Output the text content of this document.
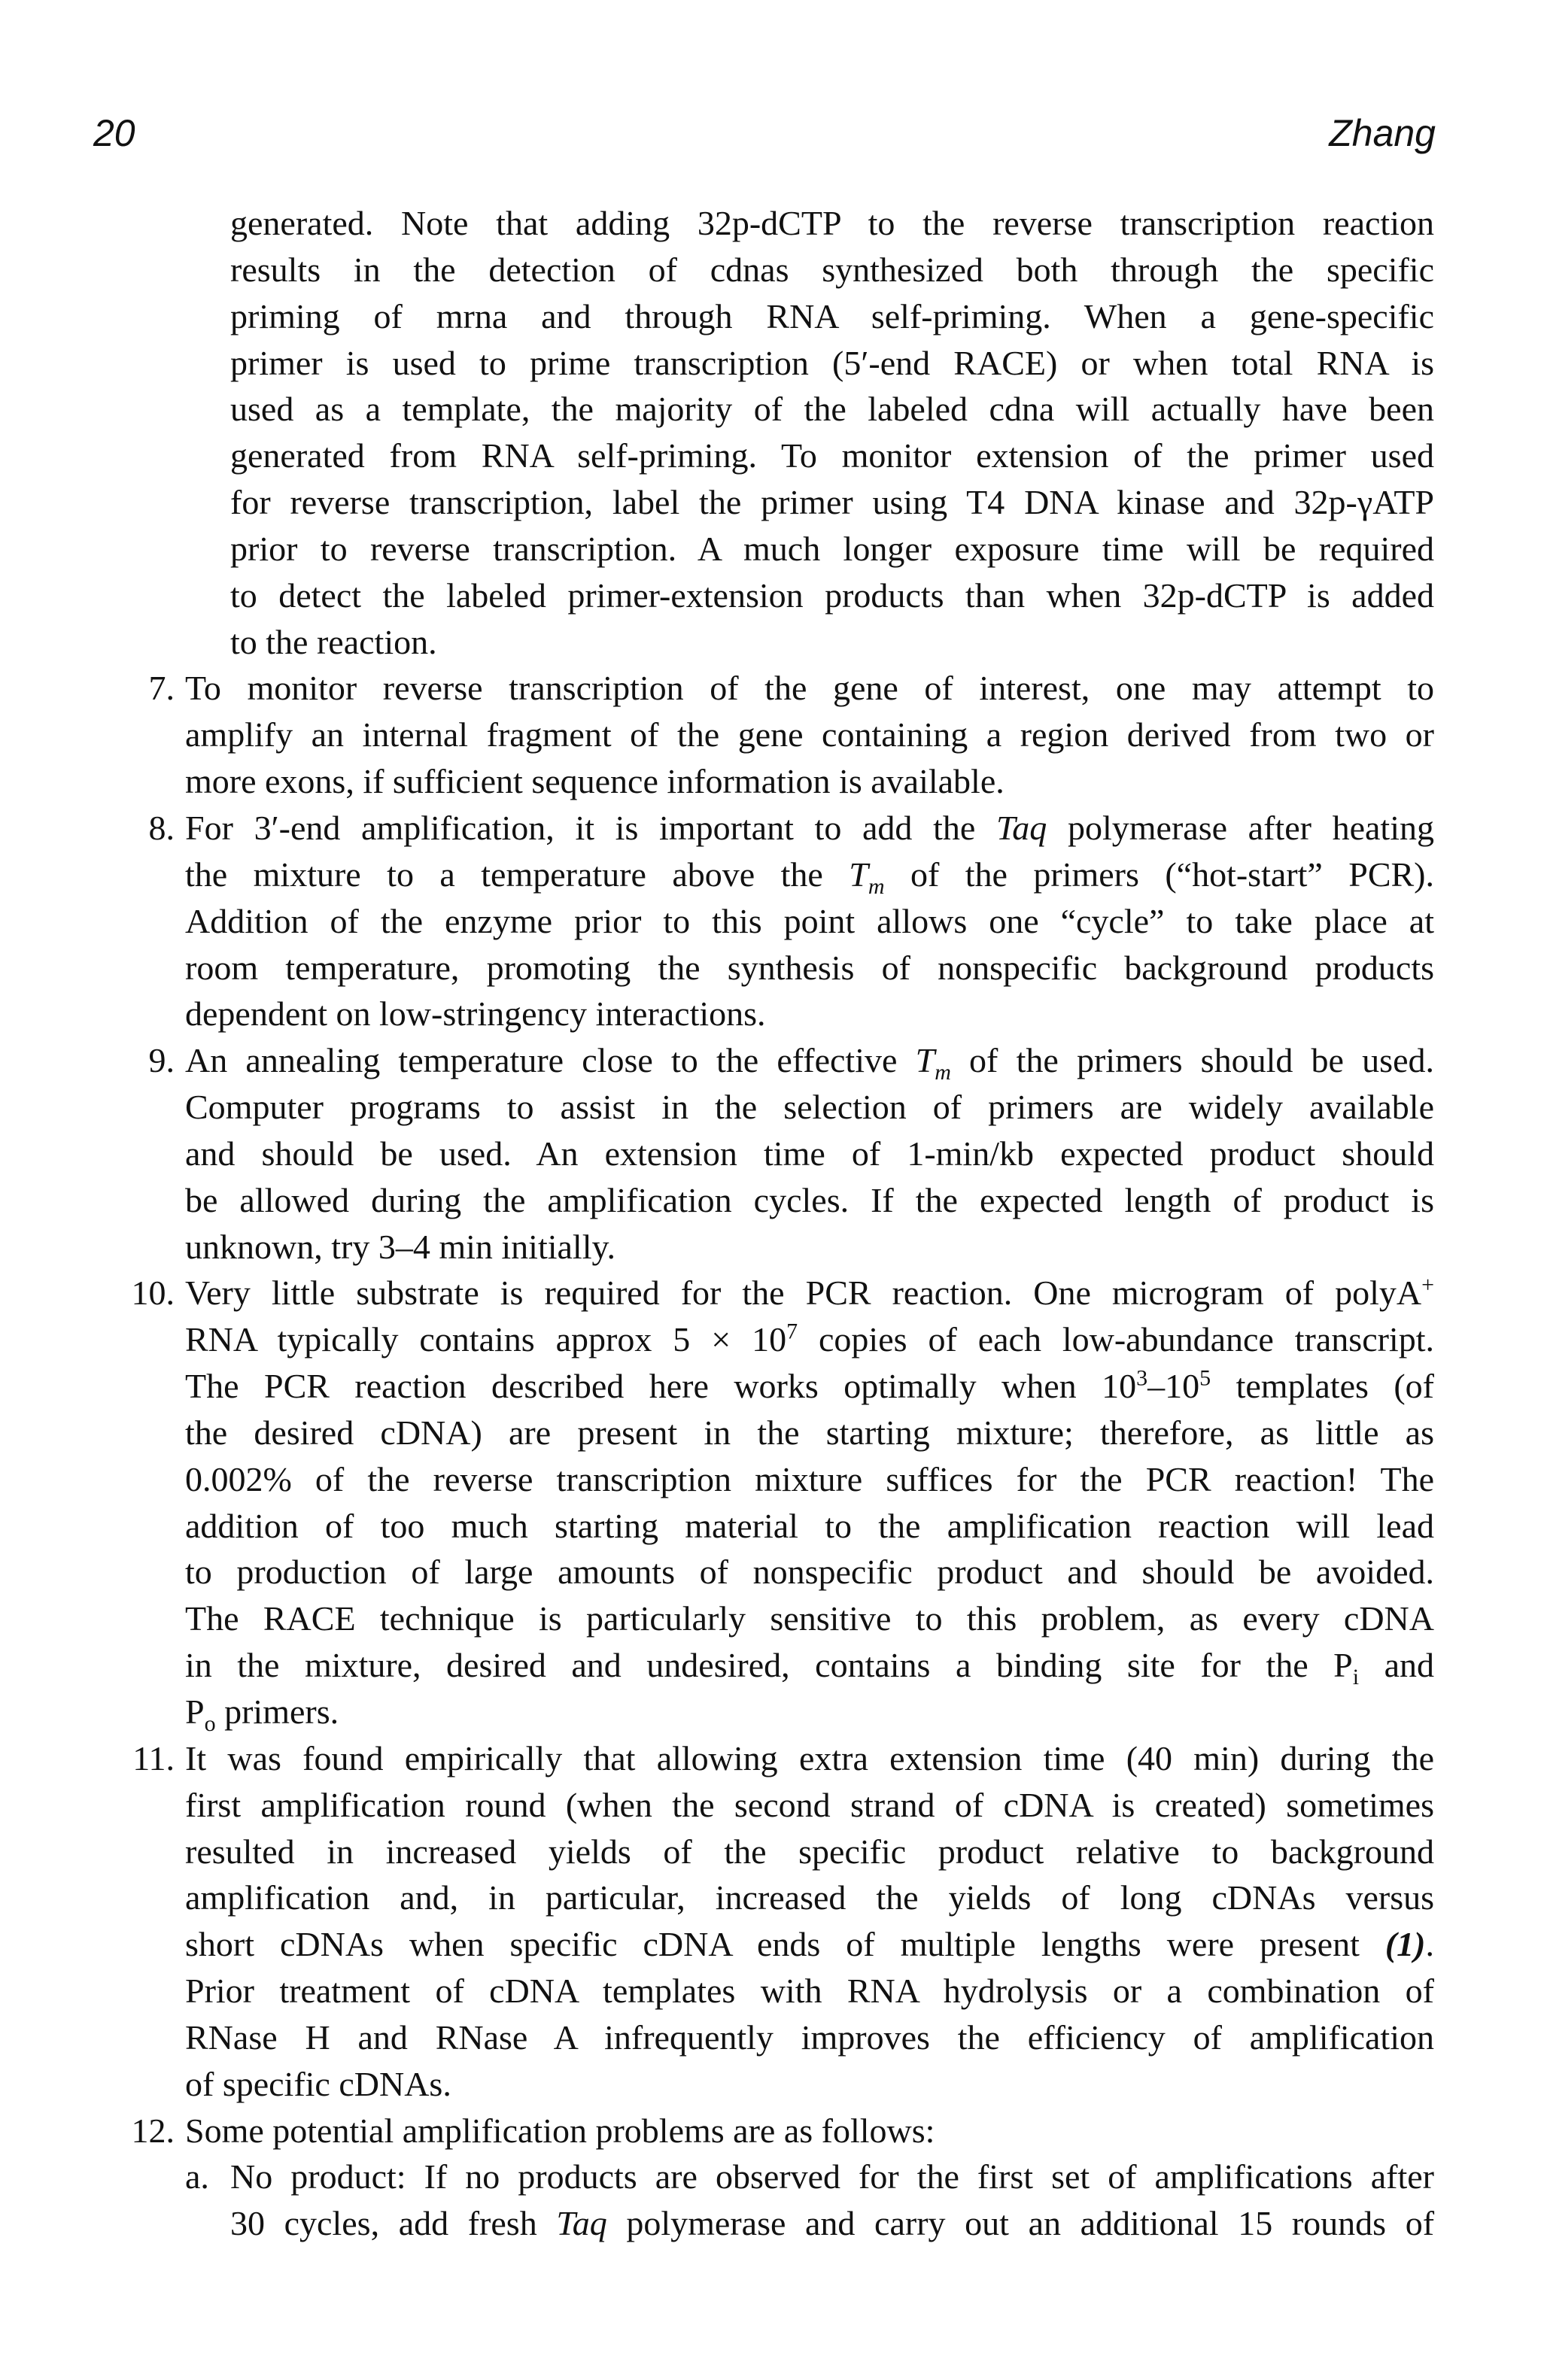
20	Zhang
generated. Note that adding 32p-dCTP to the reverse transcription reaction
results in the detection of cdnas synthesized both through the specific
priming of mrna and through RNA self-priming. When a gene-specific
primer is used to prime transcription (5′-end RACE) or when total RNA is
used as a template, the majority of the labeled cdna will actually have been
generated from RNA self-priming. To monitor extension of the primer used
for reverse transcription, label the primer using T4 DNA kinase and 32p-γATP
prior to reverse transcription. A much longer exposure time will be required
to detect the labeled primer-extension products than when 32p-dCTP is added
to the reaction.
7. To monitor reverse transcription of the gene of interest, one may attempt to
amplify an internal fragment of the gene containing a region derived from two or
more exons, if sufficient sequence information is available.
8. For 3′-end amplification, it is important to add the Taq polymerase after heating
the mixture to a temperature above the $T_m$ of the primers (“hot-start” PCR).
Addition of the enzyme prior to this point allows one “cycle” to take place at
room temperature, promoting the synthesis of nonspecific background products
dependent on low-stringency interactions.
9. An annealing temperature close to the effective $T_m$ of the primers should be used.
Computer programs to assist in the selection of primers are widely available
and should be used. An extension time of 1-min/kb expected product should
be allowed during the amplification cycles. If the expected length of product is
unknown, try 3–4 min initially.
10. Very little substrate is required for the PCR reaction. One microgram of polyA+
RNA typically contains approx $5 \times 10^7$ copies of each low-abundance transcript.
The PCR reaction described here works optimally when $10^3-10^5$ templates (of
the desired cDNA) are present in the starting mixture; therefore, as little as
0.002% of the reverse transcription mixture suffices for the PCR reaction! The
addition of too much starting material to the amplification reaction will lead
to production of large amounts of nonspecific product and should be avoided.
The RACE technique is particularly sensitive to this problem, as every cDNA
in the mixture, desired and undesired, contains a binding site for the $P_i$ and
$P_o$ primers.
11. It was found empirically that allowing extra extension time (40 min) during the
first amplification round (when the second strand of cDNA is created) sometimes
resulted in increased yields of the specific product relative to background
amplification and, in particular, increased the yields of long cDNAs versus
short cDNAs when specific cDNA ends of multiple lengths were present (1).
Prior treatment of cDNA templates with RNA hydrolysis or a combination of
RNase H and RNase A infrequently improves the efficiency of amplification
of specific cDNAs.
12. Some potential amplification problems are as follows:
a. No product: If no products are observed for the first set of amplifications after
30 cycles, add fresh Taq polymerase and carry out an additional 15 rounds of
